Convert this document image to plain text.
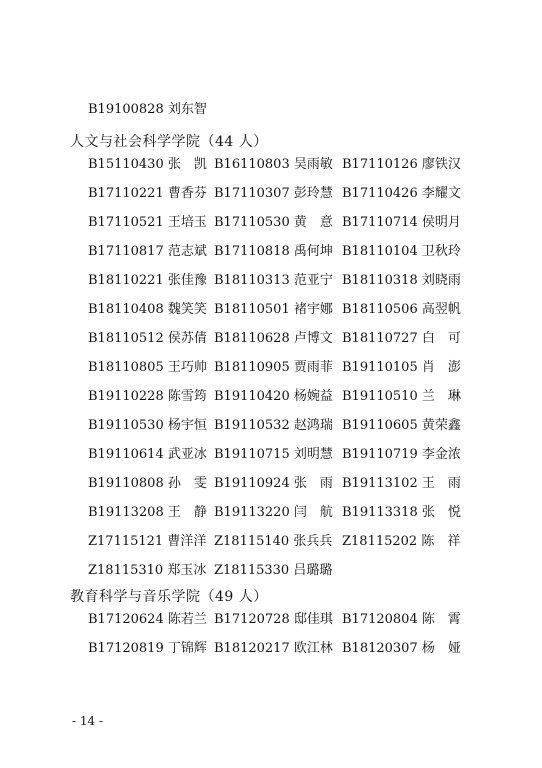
B19100828 刘东智
人文与社会科学学院（44 人）
B15110430 张　凯 B16110803 吴雨敏 B17110126 廖铁汉
B17110221 曹香芬 B17110307 彭玲慧 B17110426 李耀文
B17110521 王培玉 B17110530 黄　意 B17110714 侯明月
B17110817 范志斌 B17110818 禹何坤 B18110104 卫秋玲
B18110221 张佳豫 B18110313 范亚宁 B18110318 刘晓雨
B18110408 魏笑笑 B18110501 褚宇娜 B18110506 高翌帆
B18110512 侯苏倩 B18110628 卢博文 B18110727 白　可
B18110805 王巧帅 B18110905 贾雨菲 B19110105 肖　澎
B19110228 陈雪筠 B19110420 杨婉益 B19110510 兰　琳
B19110530 杨宇恒 B19110532 赵鸿瑞 B19110605 黄荣鑫
B19110614 武亚冰 B19110715 刘明慧 B19110719 李金浓
B19110808 孙　雯 B19110924 张　雨 B19113102 王　雨
B19113208 王　静 B19113220 闫　航 B19113318 张　悦
Z17115121 曹洋洋 Z18115140 张兵兵 Z18115202 陈　祥
Z18115310 郑玉冰 Z18115330 吕璐璐
教育科学与音乐学院（49 人）
B17120624 陈若兰 B17120728 邸佳琪 B17120804 陈　霄
B17120819 丁锦辉 B18120217 欧江林 B18120307 杨　娅
- 14 -
